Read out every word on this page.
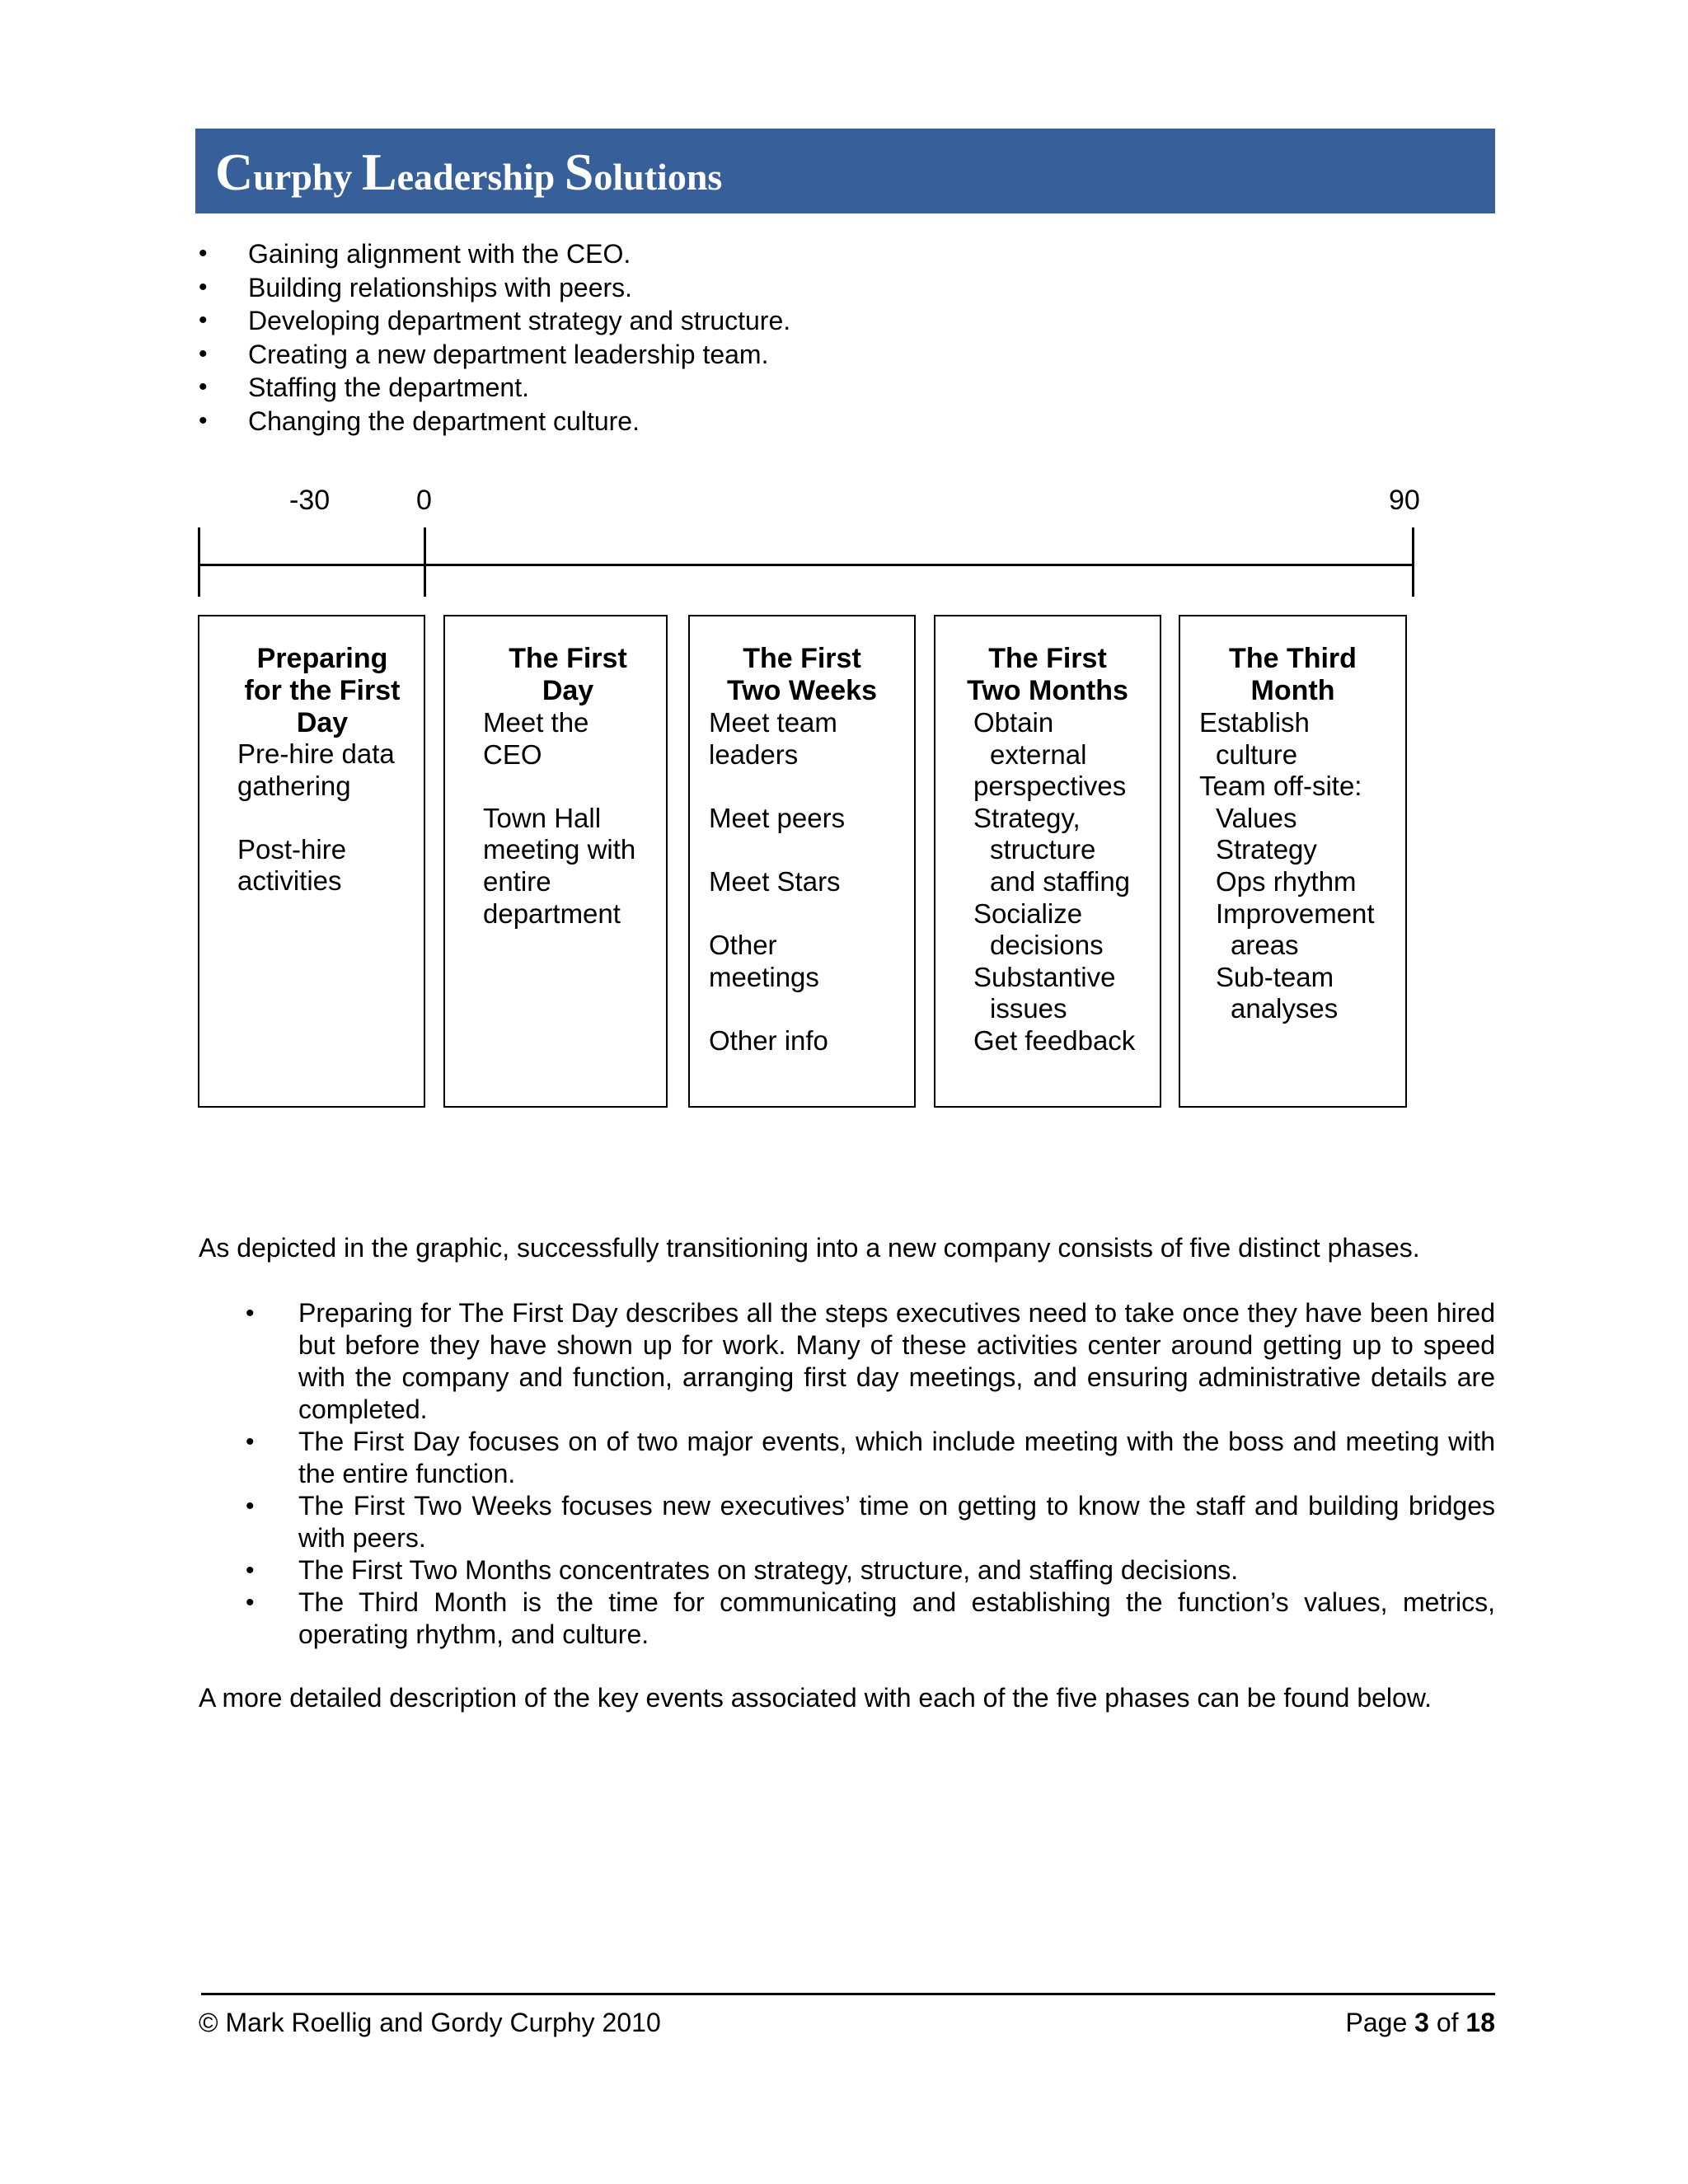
Curphy Leadership Solutions
• Gaining alignment with the CEO.
• Building relationships with peers.
• Developing department strategy and structure.
• Creating a new department leadership team.
• Staffing the department.
• Changing the department culture.
-30	0	90
Preparing
for the First
Day
Pre-hire data
gathering
Post-hire
activities
The First
Day
Meet the
CEO
Town Hall
meeting with
entire
department
The First
Two Weeks
Meet team
leaders
Meet peers
Meet Stars
Other
meetings
Other info
The First
Two Months
Obtain
external
perspectives
Strategy,
structure
and staffing
Socialize
decisions
Substantive
issues
Get feedback
The Third
Month
Establish
culture
Team off-site:
Values
Strategy
Ops rhythm
Improvement
areas
Sub-team
analyses

As depicted in the graphic, successfully transitioning into a new company consists of five distinct phases.

• Preparing for The First Day describes all the steps executives need to take once they have been hired but before they have shown up for work. Many of these activities center around getting up to speed with the company and function, arranging first day meetings, and ensuring administrative details are completed.
• The First Day focuses on of two major events, which include meeting with the boss and meeting with the entire function.
• The First Two Weeks focuses new executives’ time on getting to know the staff and building bridges with peers.
• The First Two Months concentrates on strategy, structure, and staffing decisions.
• The Third Month is the time for communicating and establishing the function’s values, metrics, operating rhythm, and culture.

A more detailed description of the key events associated with each of the five phases can be found below.

© Mark Roellig and Gordy Curphy 2010	Page 3 of 18
